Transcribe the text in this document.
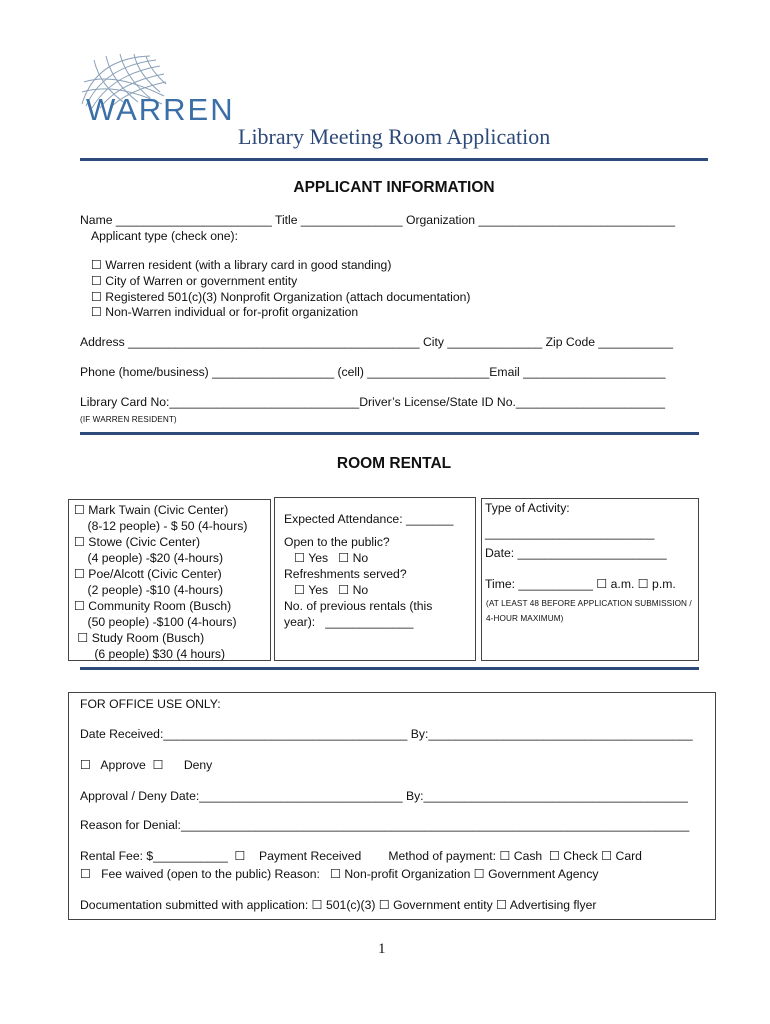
WARREN
Library Meeting Room Application
APPLICANT INFORMATION
Name _______________________ Title _______________ Organization _____________________________
Applicant type (check one):
☐ Warren resident (with a library card in good standing)
☐ City of Warren or government entity
☐ Registered 501(c)(3) Nonprofit Organization (attach documentation)
☐ Non-Warren individual or for-profit organization
Address ___________________________________________ City ______________ Zip Code ___________
Phone (home/business) __________________ (cell) __________________Email _____________________
Library Card No:____________________________Driver’s License/State ID No.______________________
(IF WARREN RESIDENT)
ROOM RENTAL
☐ Mark Twain (Civic Center)
(8-12 people) - $ 50 (4-hours)
☐ Stowe (Civic Center)
(4 people) -$20 (4-hours)
☐ Poe/Alcott (Civic Center)
(2 people) -$10 (4-hours)
☐ Community Room (Busch)
(50 people) -$100 (4-hours)
☐ Study Room (Busch)
(6 people) $30 (4 hours)
Expected Attendance: _______
Open to the public?
☐ Yes   ☐ No
Refreshments served?
☐ Yes   ☐ No
No. of previous rentals (this
year):   _____________
Type of Activity:
_________________________
Date: ______________________
Time: ___________ ☐ a.m. ☐ p.m.
(AT LEAST 48 BEFORE APPLICATION SUBMISSION /
4-HOUR MAXIMUM)
FOR OFFICE USE ONLY:
Date Received:____________________________________ By:_______________________________________
☐   Approve  ☐      Deny
Approval / Deny Date:______________________________ By:_______________________________________
Reason for Denial:___________________________________________________________________________
Rental Fee: $___________  ☐    Payment Received        Method of payment: ☐ Cash  ☐ Check ☐ Card
☐   Fee waived (open to the public) Reason:   ☐ Non-profit Organization ☐ Government Agency
Documentation submitted with application: ☐ 501(c)(3) ☐ Government entity ☐ Advertising flyer
1
